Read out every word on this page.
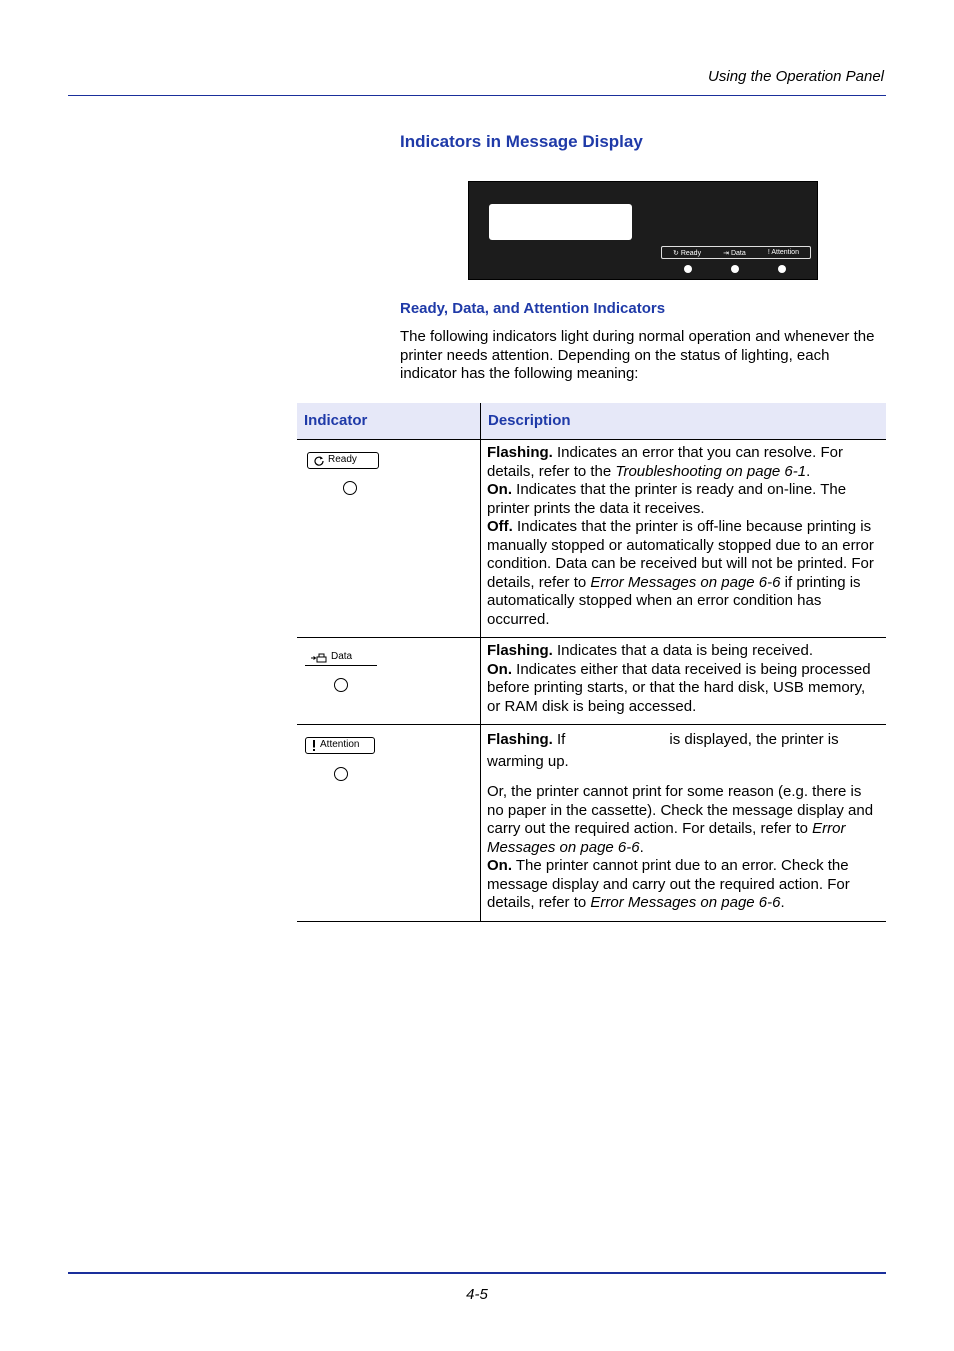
Using the Operation Panel
Indicators in Message Display
↻ Ready	⇥ Data	! Attention
Ready, Data, and Attention Indicators
The following indicators light during normal operation and whenever the printer needs attention. Depending on the status of lighting, each indicator has the following meaning:
Indicator	Description

Ready	Flashing. Indicates an error that you can resolve. For details, refer to the Troubleshooting on page 6-1.

On. Indicates that the printer is ready and on-line. The printer prints the data it receives.

Off. Indicates that the printer is off-line because printing is manually stopped or automatically stopped due to an error condition. Data can be received but will not be printed. For details, refer to Error Messages on page 6-6 if printing is automatically stopped when an error condition has occurred.

Data	Flashing. Indicates that a data is being received.

On. Indicates either that data received is being processed before printing starts, or that the hard disk, USB memory, or RAM disk is being accessed.

Attention	Flashing. If is displayed, the printer is warming up.

Or, the printer cannot print for some reason (e.g. there is no paper in the cassette). Check the message display and carry out the required action. For details, refer to Error Messages on page 6-6.

On. The printer cannot print due to an error. Check the message display and carry out the required action. For details, refer to Error Messages on page 6-6.

4-5
